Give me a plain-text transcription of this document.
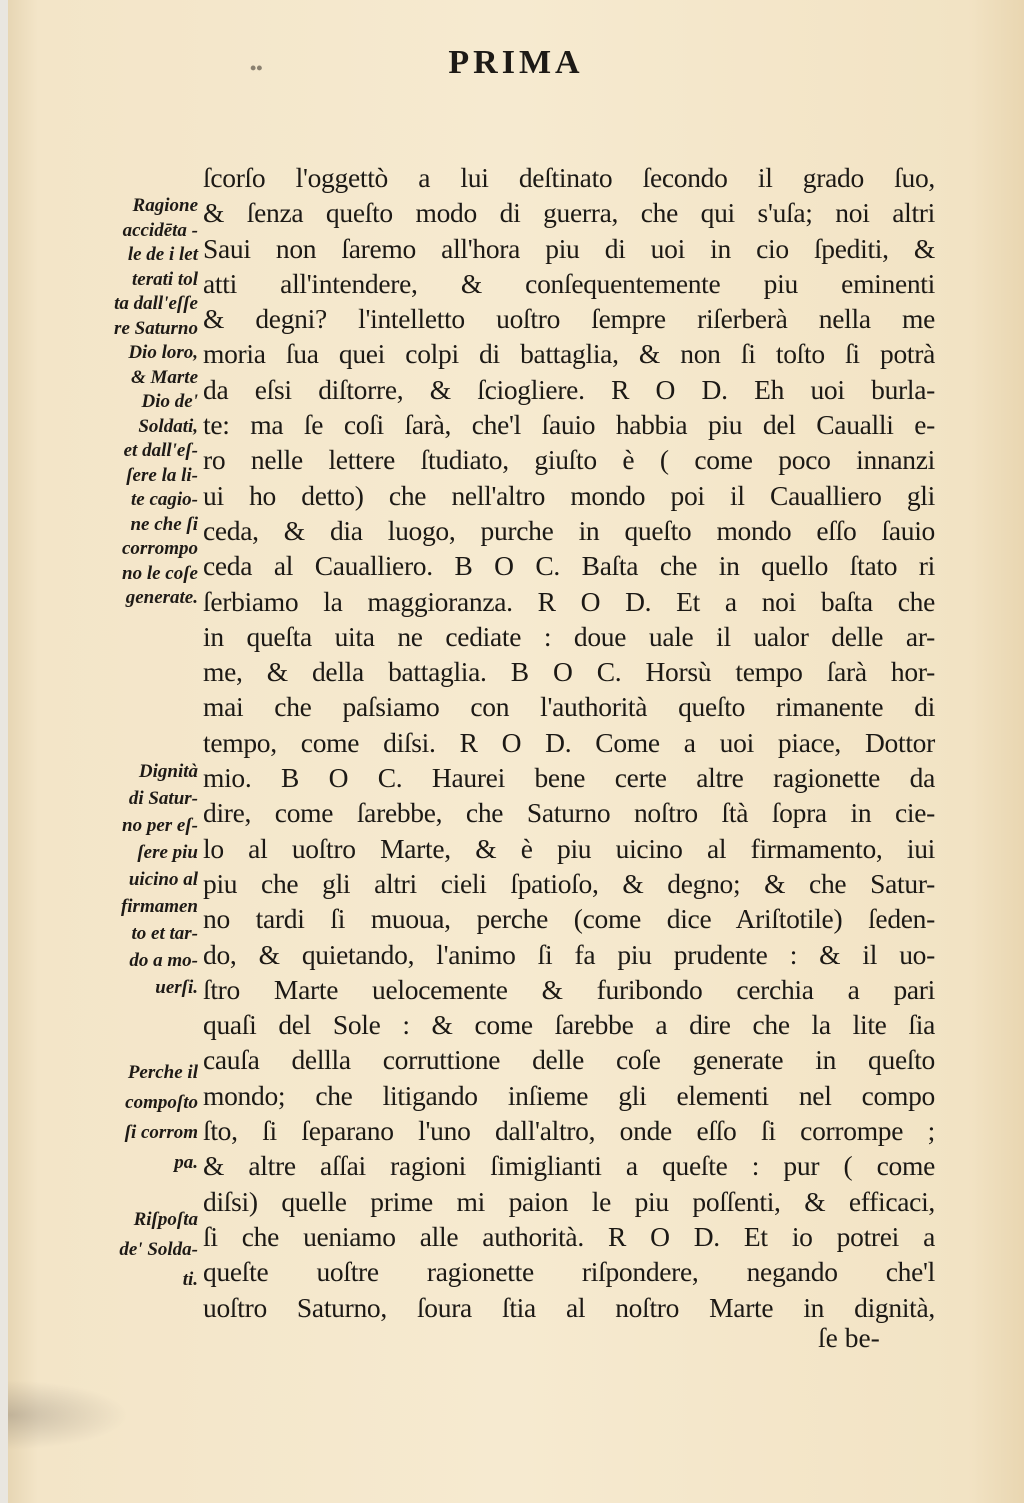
••	PRIMA
ſcorſo l'oggettò a lui deſtinato ſecondo il grado ſuo,
& ſenza queſto modo di guerra, che qui s'uſa; noi altri
Saui non ſaremo all'hora piu di uoi in cio ſpediti, &
atti all'intendere, & conſequentemente piu eminenti
& degni? l'intelletto uoſtro ſempre riſerberà nella me
moria ſua quei colpi di battaglia, & non ſi toſto ſi potrà
da eſsi diſtorre, & ſciogliere. R O D. Eh uoi burla-
te: ma ſe coſi ſarà, che'l ſauio habbia piu del Caualli e-
ro nelle lettere ſtudiato, giuſto è ( come poco innanzi
ui ho detto) che nell'altro mondo poi il Caualliero gli
ceda, & dia luogo, purche in queſto mondo eſſo ſauio
ceda al Caualliero. B O C. Baſta che in quello ſtato ri
ſerbiamo la maggioranza. R O D. Et a noi baſta che
in queſta uita ne cediate : doue uale il ualor delle ar-
me, & della battaglia. B O C. Horsù tempo ſarà hor-
mai che paſsiamo con l'authorità queſto rimanente di
tempo, come diſsi. R O D. Come a uoi piace, Dottor
mio. B O C. Haurei bene certe altre ragionette da
dire, come ſarebbe, che Saturno noſtro ſtà ſopra in cie-
lo al uoſtro Marte, & è piu uicino al firmamento, iui
piu che gli altri cieli ſpatioſo, & degno; & che Satur-
no tardi ſi muoua, perche (come dice Ariſtotile) ſeden-
do, & quietando, l'animo ſi fa piu prudente : & il uo-
ſtro Marte uelocemente & furibondo cerchia a pari
quaſi del Sole : & come ſarebbe a dire che la lite ſia
cauſa dellla corruttione delle coſe generate in queſto
mondo; che litigando inſieme gli elementi nel compo
ſto, ſi ſeparano l'uno dall'altro, onde eſſo ſi corrompe ;
& altre aſſai ragioni ſimiglianti a queſte : pur ( come
diſsi) quelle prime mi paion le piu poſſenti, & efficaci,
ſi che ueniamo alle authorità. R O D. Et io potrei a
queſte uoſtre ragionette riſpondere, negando che'l
uoſtro Saturno, ſoura ſtia al noſtro Marte in dignità,
ſe be-
Ragione
accidēta -
le de i let
terati tol
ta dall'eſſe
re Saturno
Dio loro,
& Marte
Dio de'
Soldati,
et dall'eſ-
ſere la li-
te cagio-
ne che ſi
corrompo
no le coſe
generate.
Dignità
di Satur-
no per eſ-
ſere piu
uicino al
firmamen
to et tar-
do a mo-
uerſi.
Perche il
compoſto
ſi corrom
pa.
Riſpoſta
de' Solda-
ti.
